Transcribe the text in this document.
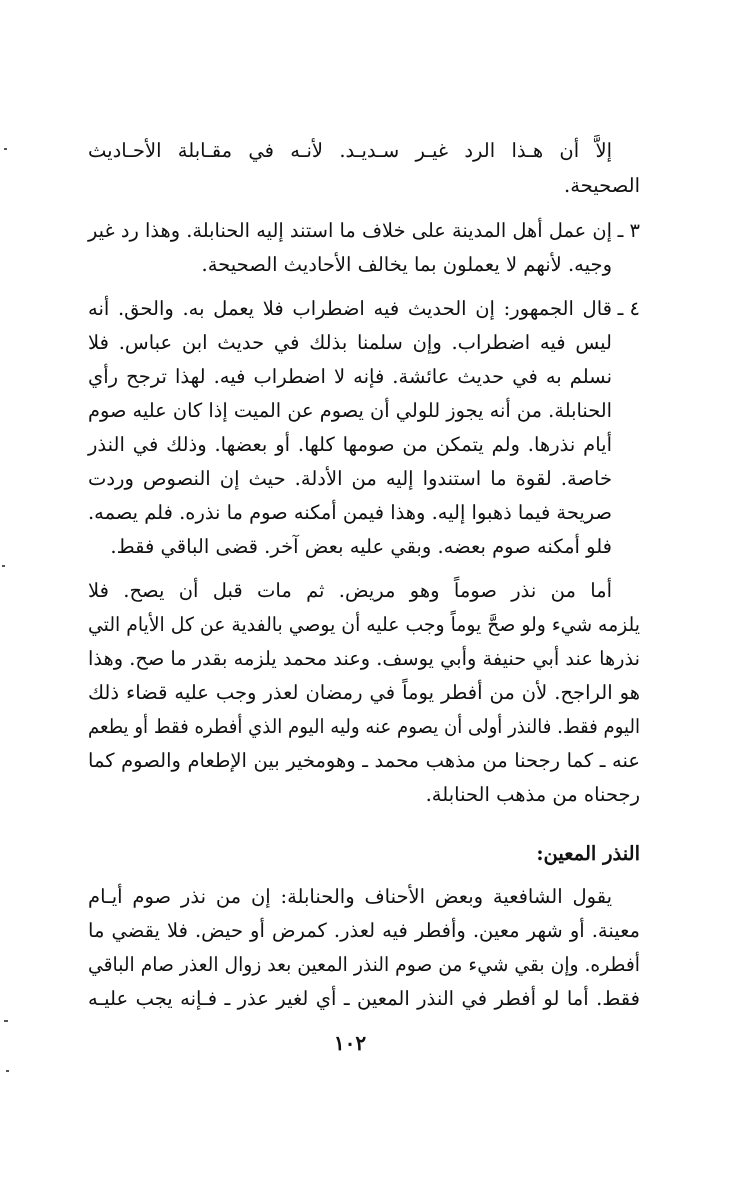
إلاَّ أن هـذا الرد غيـر سـديـد. لأنـه في مقـابلة الأحـاديث
الصحيحة.
٣ ـ
إن عمل أهل المدينة على خلاف ما استند إليه الحنابلة. وهذا رد غير
وجيه. لأنهم لا يعملون بما يخالف الأحاديث الصحيحة.
٤ ـ
قال الجمهور: إن الحديث فيه اضطراب فلا يعمل به. والحق. أنه
ليس فيه اضطراب. وإن سلمنا بذلك في حديث ابن عباس. فلا
نسلم به في حديث عائشة. فإنه لا اضطراب فيه. لهذا ترجح رأي
الحنابلة. من أنه يجوز للولي أن يصوم عن الميت إذا كان عليه صوم
أيام نذرها. ولم يتمكن من صومها كلها. أو بعضها. وذلك في النذر
خاصة. لقوة ما استندوا إليه من الأدلة. حيث إن النصوص وردت
صريحة فيما ذهبوا إليه. وهذا فيمن أمكنه صوم ما نذره. فلم يصمه.
فلو أمكنه صوم بعضه. وبقي عليه بعض آخر. قضى الباقي فقط.
أما من نذر صوماً وهو مريض. ثم مات قبل أن يصح. فلا
يلزمه شيء ولو صحَّ يوماً وجب عليه أن يوصي بالفدية عن كل الأيام التي
نذرها عند أبي حنيفة وأبي يوسف. وعند محمد يلزمه بقدر ما صح. وهذا
هو الراجح. لأن من أفطر يوماً في رمضان لعذر وجب عليه قضاء ذلك
اليوم فقط. فالنذر أولى أن يصوم عنه وليه اليوم الذي أفطره فقط أو يطعم
عنه ـ كما رجحنا من مذهب محمد ـ وهومخير بين الإطعام والصوم كما
رجحناه من مذهب الحنابلة.
النذر المعين:
يقول الشافعية وبعض الأحناف والحنابلة: إن من نذر صوم أيـام
معينة. أو شهر معين. وأفطر فيه لعذر. كمرض أو حيض. فلا يقضي ما
أفطره. وإن بقي شيء من صوم النذر المعين بعد زوال العذر صام الباقي
فقط. أما لو أفطر في النذر المعين ـ أي لغير عذر ـ فـإنه يجب عليـه
١٠٢
